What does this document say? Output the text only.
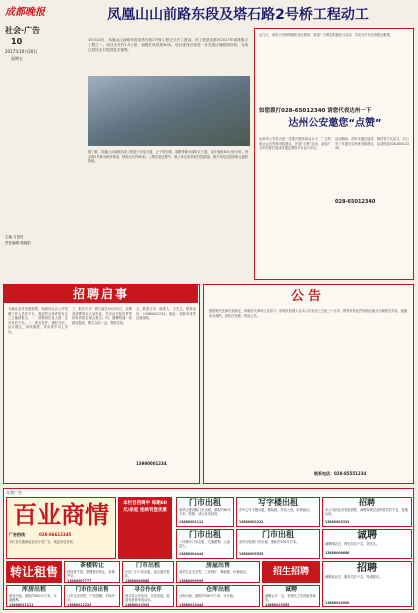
成都晚报
社会·广告
10
2017年10月20日
星期五
主编 方显民
责任编辑 郭晓阳
凤凰山山前路东段及塔石路2号桥工程动工
10月20日，凤凰山山前路东段及塔石路2号桥工程正式开工建设。该工程是成都市2017年城建重点工程之一，项目全长约1.5公里，道路红线宽度40米，项目建成后将进一步完善区域路网结构，为周边居民出行提供更多便利。
据了解，凤凰山山前路东段工程起于北星大道，止于塔石路，道路等级为城市次干道，设计速度40公里/小时。塔石路2号桥为跨河桥梁，桥梁全长约80米。工程实施过程中，施工单位将采取有效措施，减少对周边居民和交通的影响。
近几天，成华公安网络媒体发出邀请，希望广大网友积极参与活动，共同为平安达州建言献策。
如您拨打028-65012340 请您代表达州一下
达州公安邀您“点赞”
达州市公安局为进一步提升服务群众水平，广泛听取社会各界意见和建议，开展“点赞”活动，欢迎广大市民拨打电话或通过网络平台参与评议。
活动期间，市民可通过电话、微信等方式参与，对公安工作提出宝贵意见和建议，活动热线028-65012340。
028-65012340
招聘启事
为满足业务发展需要，现面向社会公开招聘工作人员若干名，欢迎符合条件的有志之士踊跃报名。一、招聘岗位及人数：业务员若干名。二、报名条件：遵纪守法，品行端正，身体健康，具有高中以上学历。
三、报名方式：即日起至10月31日，应聘者请携带本人身份证、学历证书复印件等材料到指定地点报名。四、薪酬待遇：底薪加提成，购买五险一金，提供住宿。
五、联系方式：联系人：王先生。联系电话：13980001234。地址：成都市成华区建设路。
13980001234
公告
根据相关法律法规规定，现就有关事项公告如下：请相关权利人自本公告发布之日起三十日内，携带有效证件到指定地点办理相关手续，逾期未办理的，将依法处理。特此公告。
联系电话：028-85551234
分类广告
百业商情
广告热线	028-86612345
本栏目长期承接各类分类广告，欢迎来电咨询。
本栏目招商中 每期60元/条起 连续刊登优惠
转让租售
门市出租
成华区建设路门市出租，面积约80平方米，临街，适合各类经营。
13880001111
写字楼出租
市中心写字楼出租，精装修，拎包入驻，价格面议。
13880002222
招聘
本公司因业务发展需要，诚聘驾驶员及库管员若干名，待遇从优。
13880003333
门市出租
二环路旁门市出租，交通便利，人流量大。
13880004444
门市出租
成华区临街门市出租，面积约100平方米。
13880005555
诚聘
诚聘保洁员、保安员若干名，包吃住。
13880006666
茶楼转让
因经营不善，茶楼低价转让，设施齐全。
13880007777
门市出租
小区门口门市出租，适合超市餐饮。
13880008888
房屋出售
成华区住宅出售，三室两厅，精装修，价格面议。
13880009999
招生招聘	招聘
诚聘营业员、服务员若干名，待遇面议。
13880010000
库房出租
库房出租，面积约500平方米，交通便利。
13880011111
门市住房出售
门市住房出售，产权清晰，手续齐全。
13880012222
寻合作伙伴
现寻求合作伙伴，共同发展，欢迎有意者来电洽谈。
13880013333
仓库出租
仓库出租，面积约300平方米，可分租。
13880014444
诚聘
诚聘会计一名，有相关工作经验者优先。
13880015555
